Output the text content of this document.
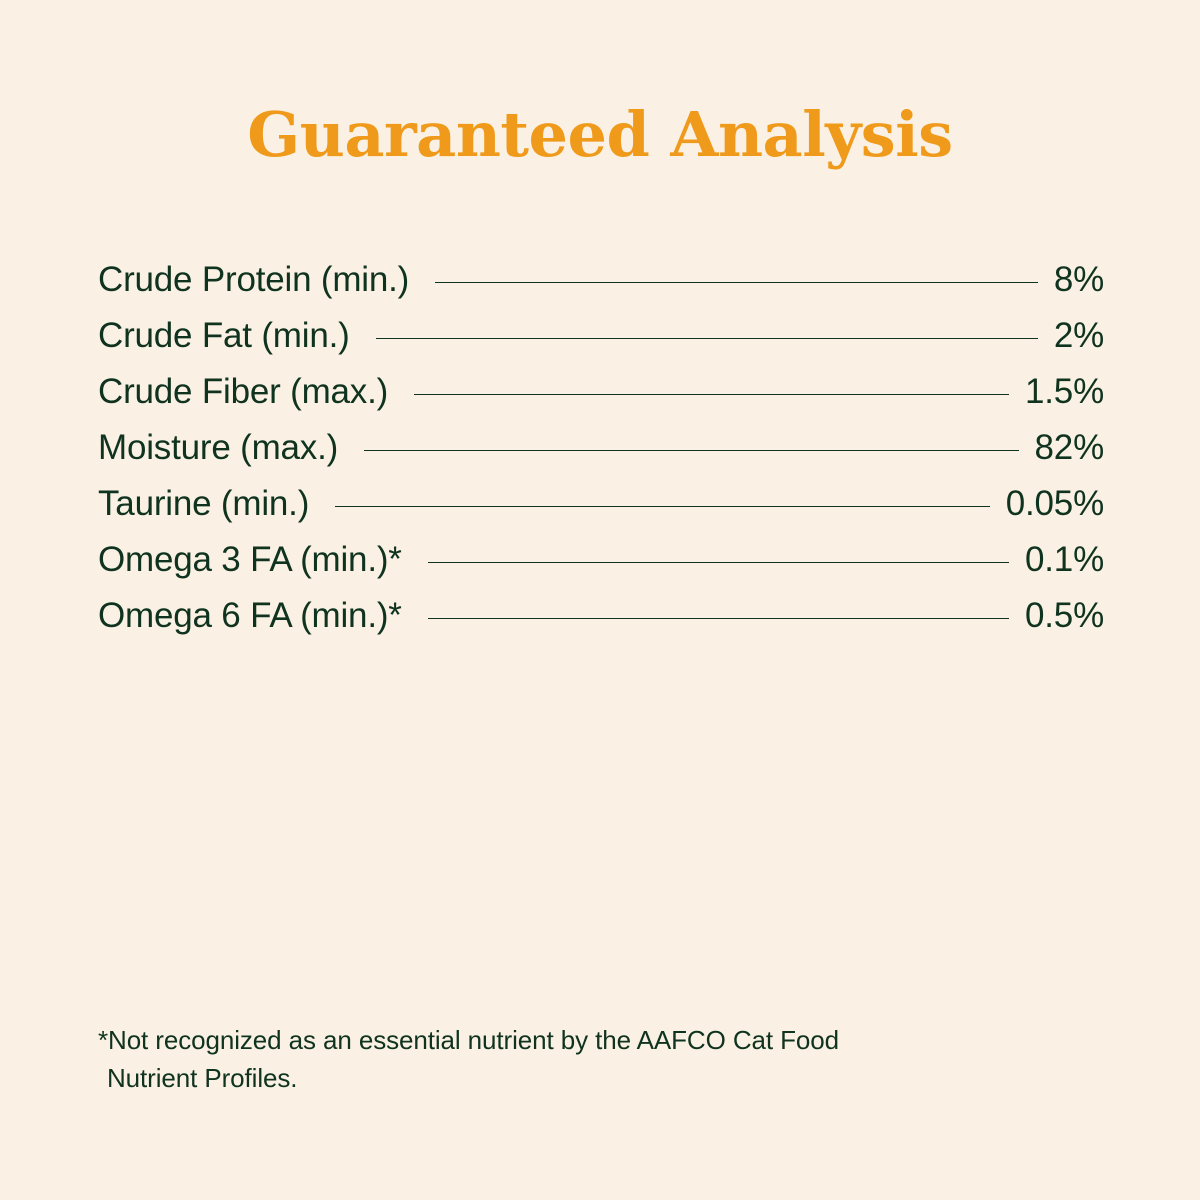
Guaranteed Analysis
Crude Protein (min.)	8%
Crude Fat (min.)	2%
Crude Fiber (max.)	1.5%
Moisture (max.)	82%
Taurine (min.)	0.05%
Omega 3 FA (min.)*	0.1%
Omega 6 FA (min.)*	0.5%
*Not recognized as an essential nutrient by the AAFCO Cat Food
Nutrient Profiles.
